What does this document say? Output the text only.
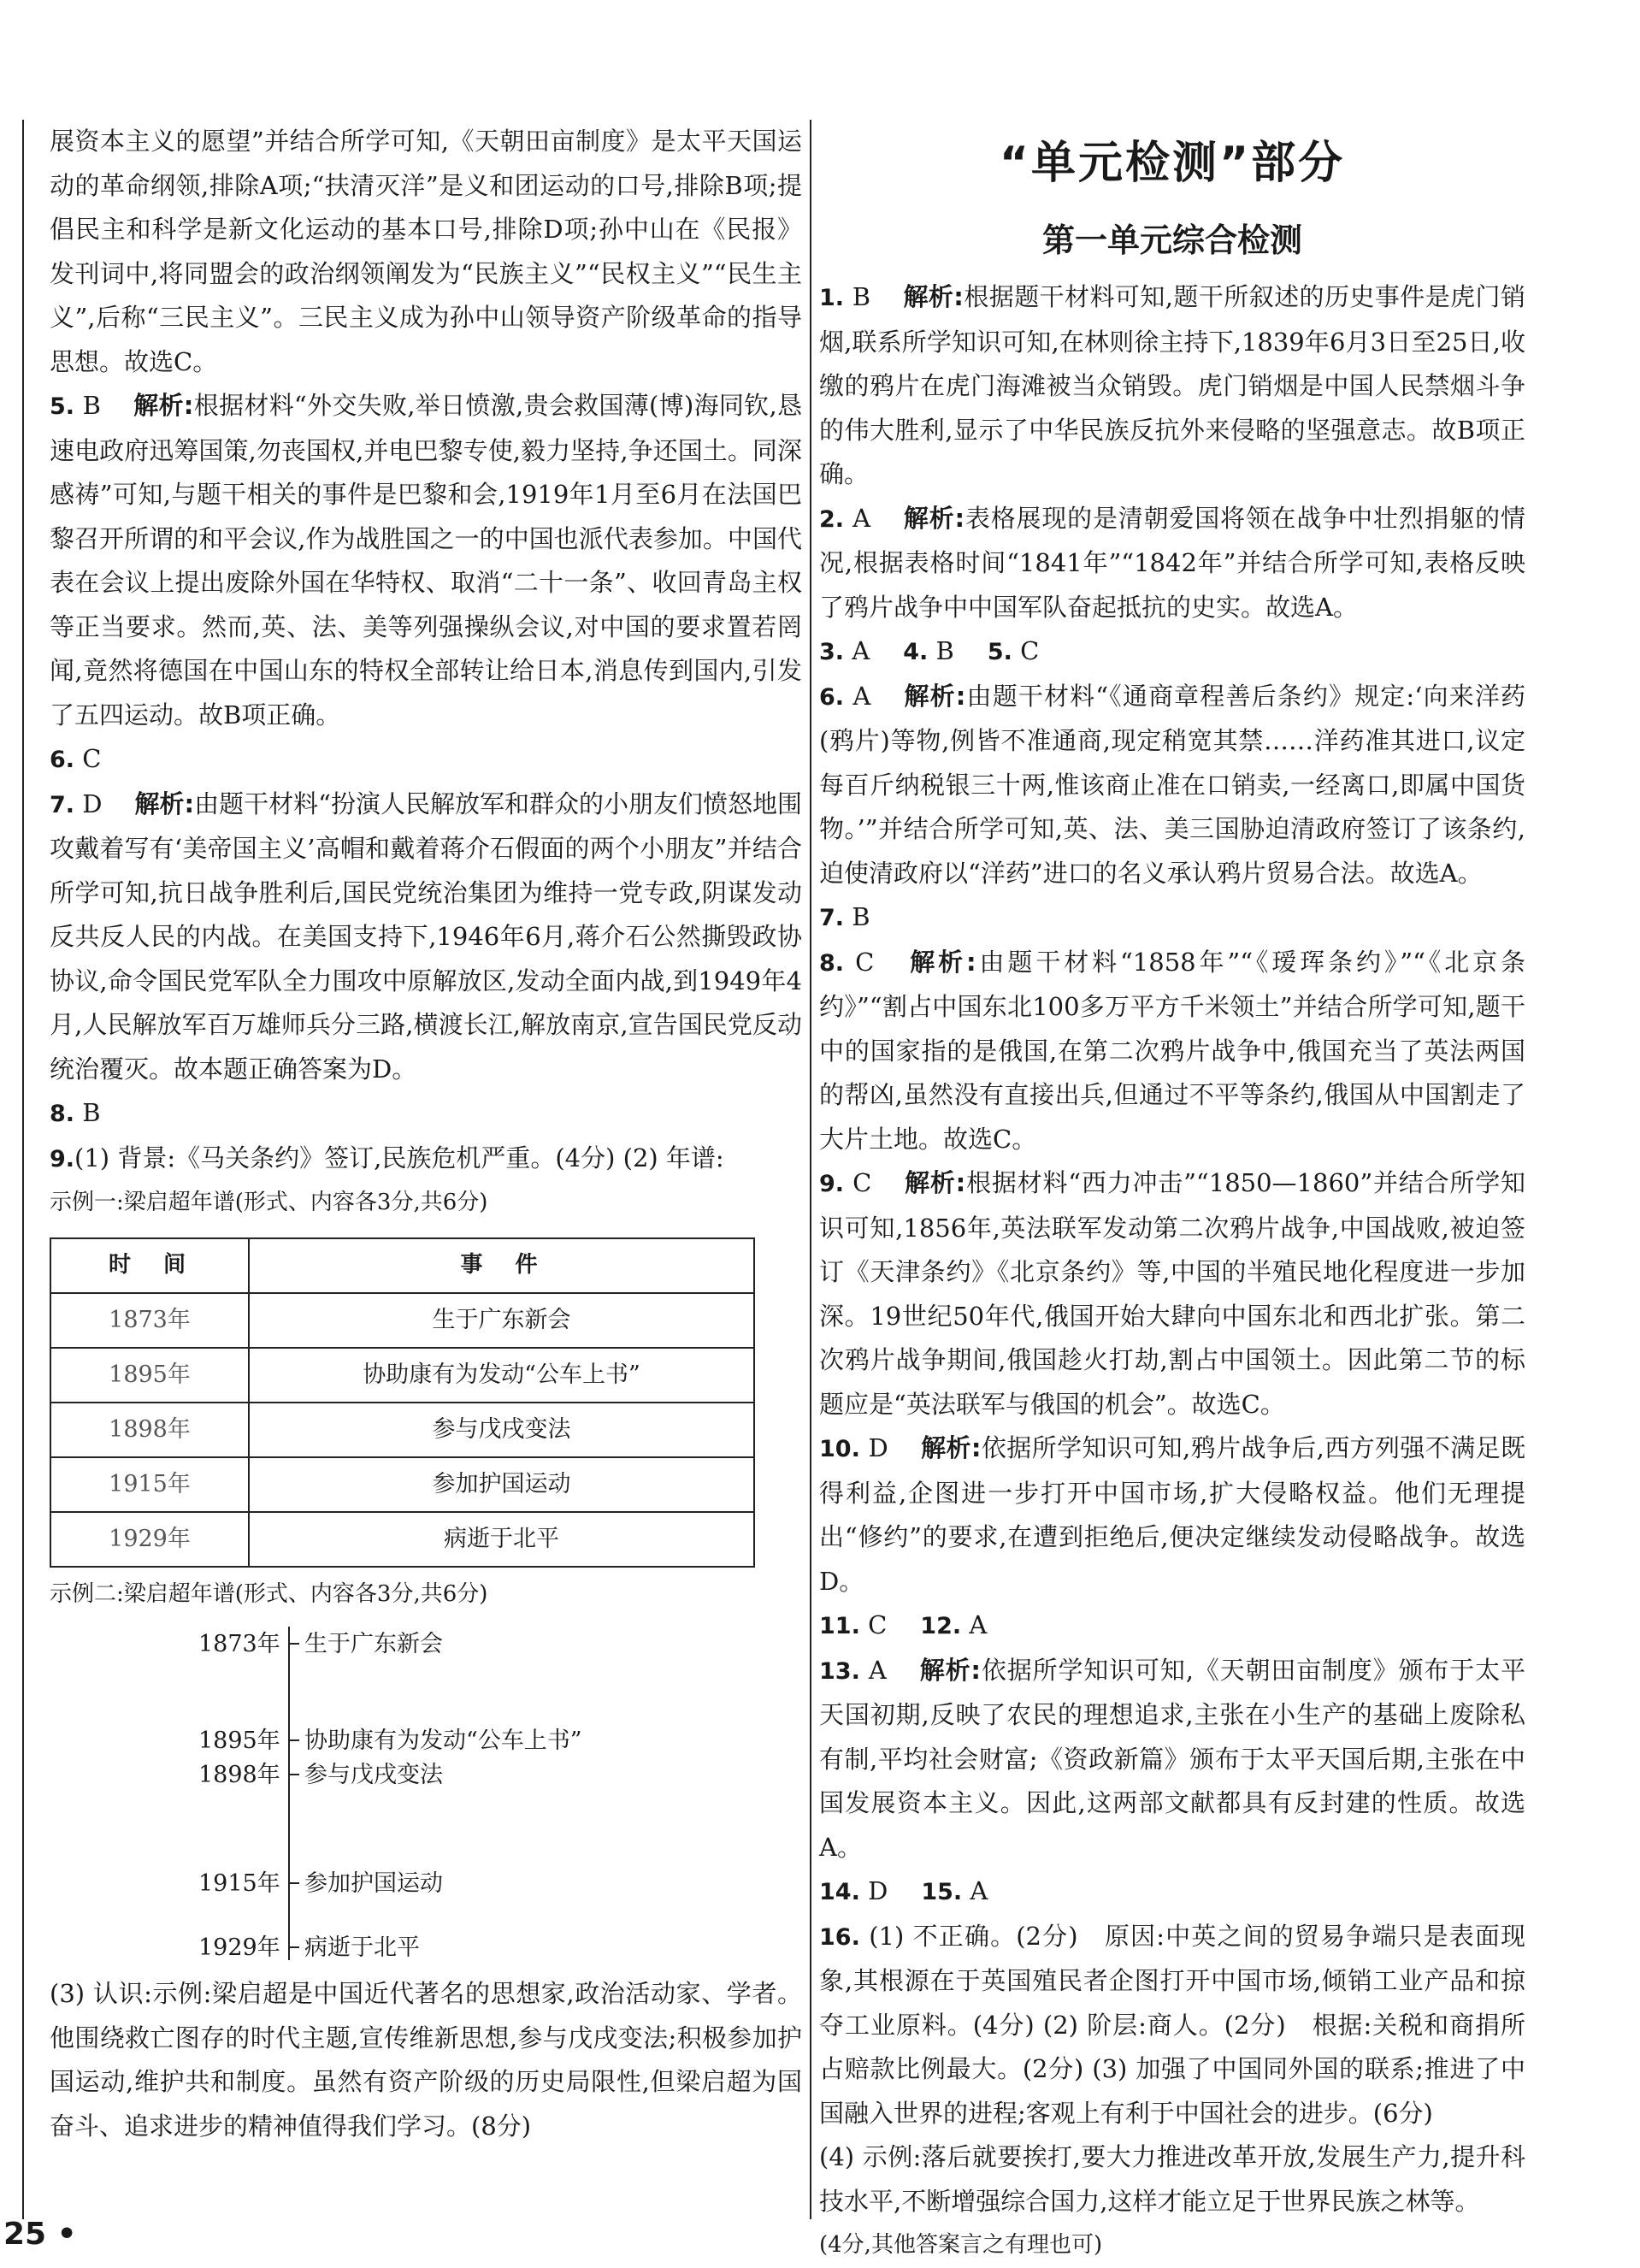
展资本主义的愿望”并结合所学可知,《天朝田亩制度》是太平天国运动的革命纲领,排除A项;“扶清灭洋”是义和团运动的口号,排除B项;提倡民主和科学是新文化运动的基本口号,排除D项;孙中山在《民报》发刊词中,将同盟会的政治纲领阐发为“民族主义”“民权主义”“民生主义”,后称“三民主义”。三民主义成为孙中山领导资产阶级革命的指导思想。故选C。

5. B 解析:根据材料“外交失败,举日愤激,贵会救国薄(博)海同钦,恳速电政府迅筹国策,勿丧国权,并电巴黎专使,毅力坚持,争还国土。同深感祷”可知,与题干相关的事件是巴黎和会,1919年1月至6月在法国巴黎召开所谓的和平会议,作为战胜国之一的中国也派代表参加。中国代表在会议上提出废除外国在华特权、取消“二十一条”、收回青岛主权等正当要求。然而,英、法、美等列强操纵会议,对中国的要求置若罔闻,竟然将德国在中国山东的特权全部转让给日本,消息传到国内,引发了五四运动。故B项正确。

6. C

7. D 解析:由题干材料“扮演人民解放军和群众的小朋友们愤怒地围攻戴着写有‘美帝国主义’高帽和戴着蒋介石假面的两个小朋友”并结合所学可知,抗日战争胜利后,国民党统治集团为维持一党专政,阴谋发动反共反人民的内战。在美国支持下,1946年6月,蒋介石公然撕毁政协协议,命令国民党军队全力围攻中原解放区,发动全面内战,到1949年4月,人民解放军百万雄师兵分三路,横渡长江,解放南京,宣告国民党反动统治覆灭。故本题正确答案为D。

8. B

9.(1) 背景:《马关条约》签订,民族危机严重。(4分) (2) 年谱:

示例一:梁启超年谱(形式、内容各3分,共6分)

时　间	事　件
1873年	生于广东新会
1895年	协助康有为发动“公车上书”
1898年	参与戊戌变法
1915年	参加护国运动
1929年	病逝于北平

示例二:梁启超年谱(形式、内容各3分,共6分)

1873年 生于广东新会
1895年 协助康有为发动“公车上书”
1898年 参与戊戌变法
1915年 参加护国运动
1929年 病逝于北平

(3) 认识:示例:梁启超是中国近代著名的思想家,政治活动家、学者。他围绕救亡图存的时代主题,宣传维新思想,参与戊戌变法;积极参加护国运动,维护共和制度。虽然有资产阶级的历史局限性,但梁启超为国奋斗、追求进步的精神值得我们学习。(8分)

“单元检测”部分
第一单元综合检测

1. B 解析:根据题干材料可知,题干所叙述的历史事件是虎门销烟,联系所学知识可知,在林则徐主持下,1839年6月3日至25日,收缴的鸦片在虎门海滩被当众销毁。虎门销烟是中国人民禁烟斗争的伟大胜利,显示了中华民族反抗外来侵略的坚强意志。故B项正确。

2. A 解析:表格展现的是清朝爱国将领在战争中壮烈捐躯的情况,根据表格时间“1841年”“1842年”并结合所学可知,表格反映了鸦片战争中中国军队奋起抵抗的史实。故选A。

3. A　 4. B　 5. C

6. A 解析:由题干材料“《通商章程善后条约》规定:‘向来洋药(鸦片)等物,例皆不准通商,现定稍宽其禁……洋药准其进口,议定每百斤纳税银三十两,惟该商止准在口销卖,一经离口,即属中国货物。’”并结合所学可知,英、法、美三国胁迫清政府签订了该条约,迫使清政府以“洋药”进口的名义承认鸦片贸易合法。故选A。

7. B

8. C 解析:由题干材料“1858年”“《瑷珲条约》”“《北京条约》”“割占中国东北100多万平方千米领土”并结合所学可知,题干中的国家指的是俄国,在第二次鸦片战争中,俄国充当了英法两国的帮凶,虽然没有直接出兵,但通过不平等条约,俄国从中国割走了大片土地。故选C。

9. C 解析:根据材料“西力冲击”“1850—1860”并结合所学知识可知,1856年,英法联军发动第二次鸦片战争,中国战败,被迫签订《天津条约》《北京条约》等,中国的半殖民地化程度进一步加深。19世纪50年代,俄国开始大肆向中国东北和西北扩张。第二次鸦片战争期间,俄国趁火打劫,割占中国领土。因此第二节的标题应是“英法联军与俄国的机会”。故选C。

10. D 解析:依据所学知识可知,鸦片战争后,西方列强不满足既得利益,企图进一步打开中国市场,扩大侵略权益。他们无理提出“修约”的要求,在遭到拒绝后,便决定继续发动侵略战争。故选D。

11. C　 12. A

13. A 解析:依据所学知识可知,《天朝田亩制度》颁布于太平天国初期,反映了农民的理想追求,主张在小生产的基础上废除私有制,平均社会财富;《资政新篇》颁布于太平天国后期,主张在中国发展资本主义。因此,这两部文献都具有反封建的性质。故选A。

14. D　 15. A

16. (1) 不正确。(2分)　原因:中英之间的贸易争端只是表面现象,其根源在于英国殖民者企图打开中国市场,倾销工业产品和掠夺工业原料。(4分) (2) 阶层:商人。(2分)　根据:关税和商捐所占赔款比例最大。(2分) (3) 加强了中国同外国的联系;推进了中国融入世界的进程;客观上有利于中国社会的进步。(6分)

(4) 示例:落后就要挨打,要大力推进改革开放,发展生产力,提升科技水平,不断增强综合国力,这样才能立足于世界民族之林等。

(4分,其他答案言之有理也可)

25 •
